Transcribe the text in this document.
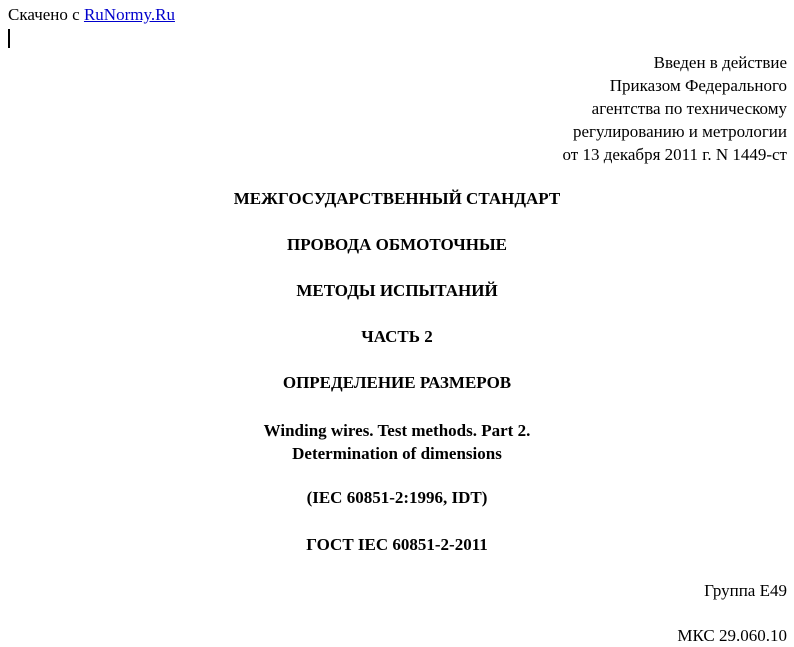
Скачено с RuNormy.Ru
Введен в действие
Приказом Федерального
агентства по техническому
регулированию и метрологии
от 13 декабря 2011 г. N 1449-ст
МЕЖГОСУДАРСТВЕННЫЙ СТАНДАРТ
ПРОВОДА ОБМОТОЧНЫЕ
МЕТОДЫ ИСПЫТАНИЙ
ЧАСТЬ 2
ОПРЕДЕЛЕНИЕ РАЗМЕРОВ
Winding wires. Test methods. Part 2.
Determination of dimensions
(IEC 60851-2:1996, IDT)
ГОСТ IEC 60851-2-2011
Группа E49
МКС 29.060.10
